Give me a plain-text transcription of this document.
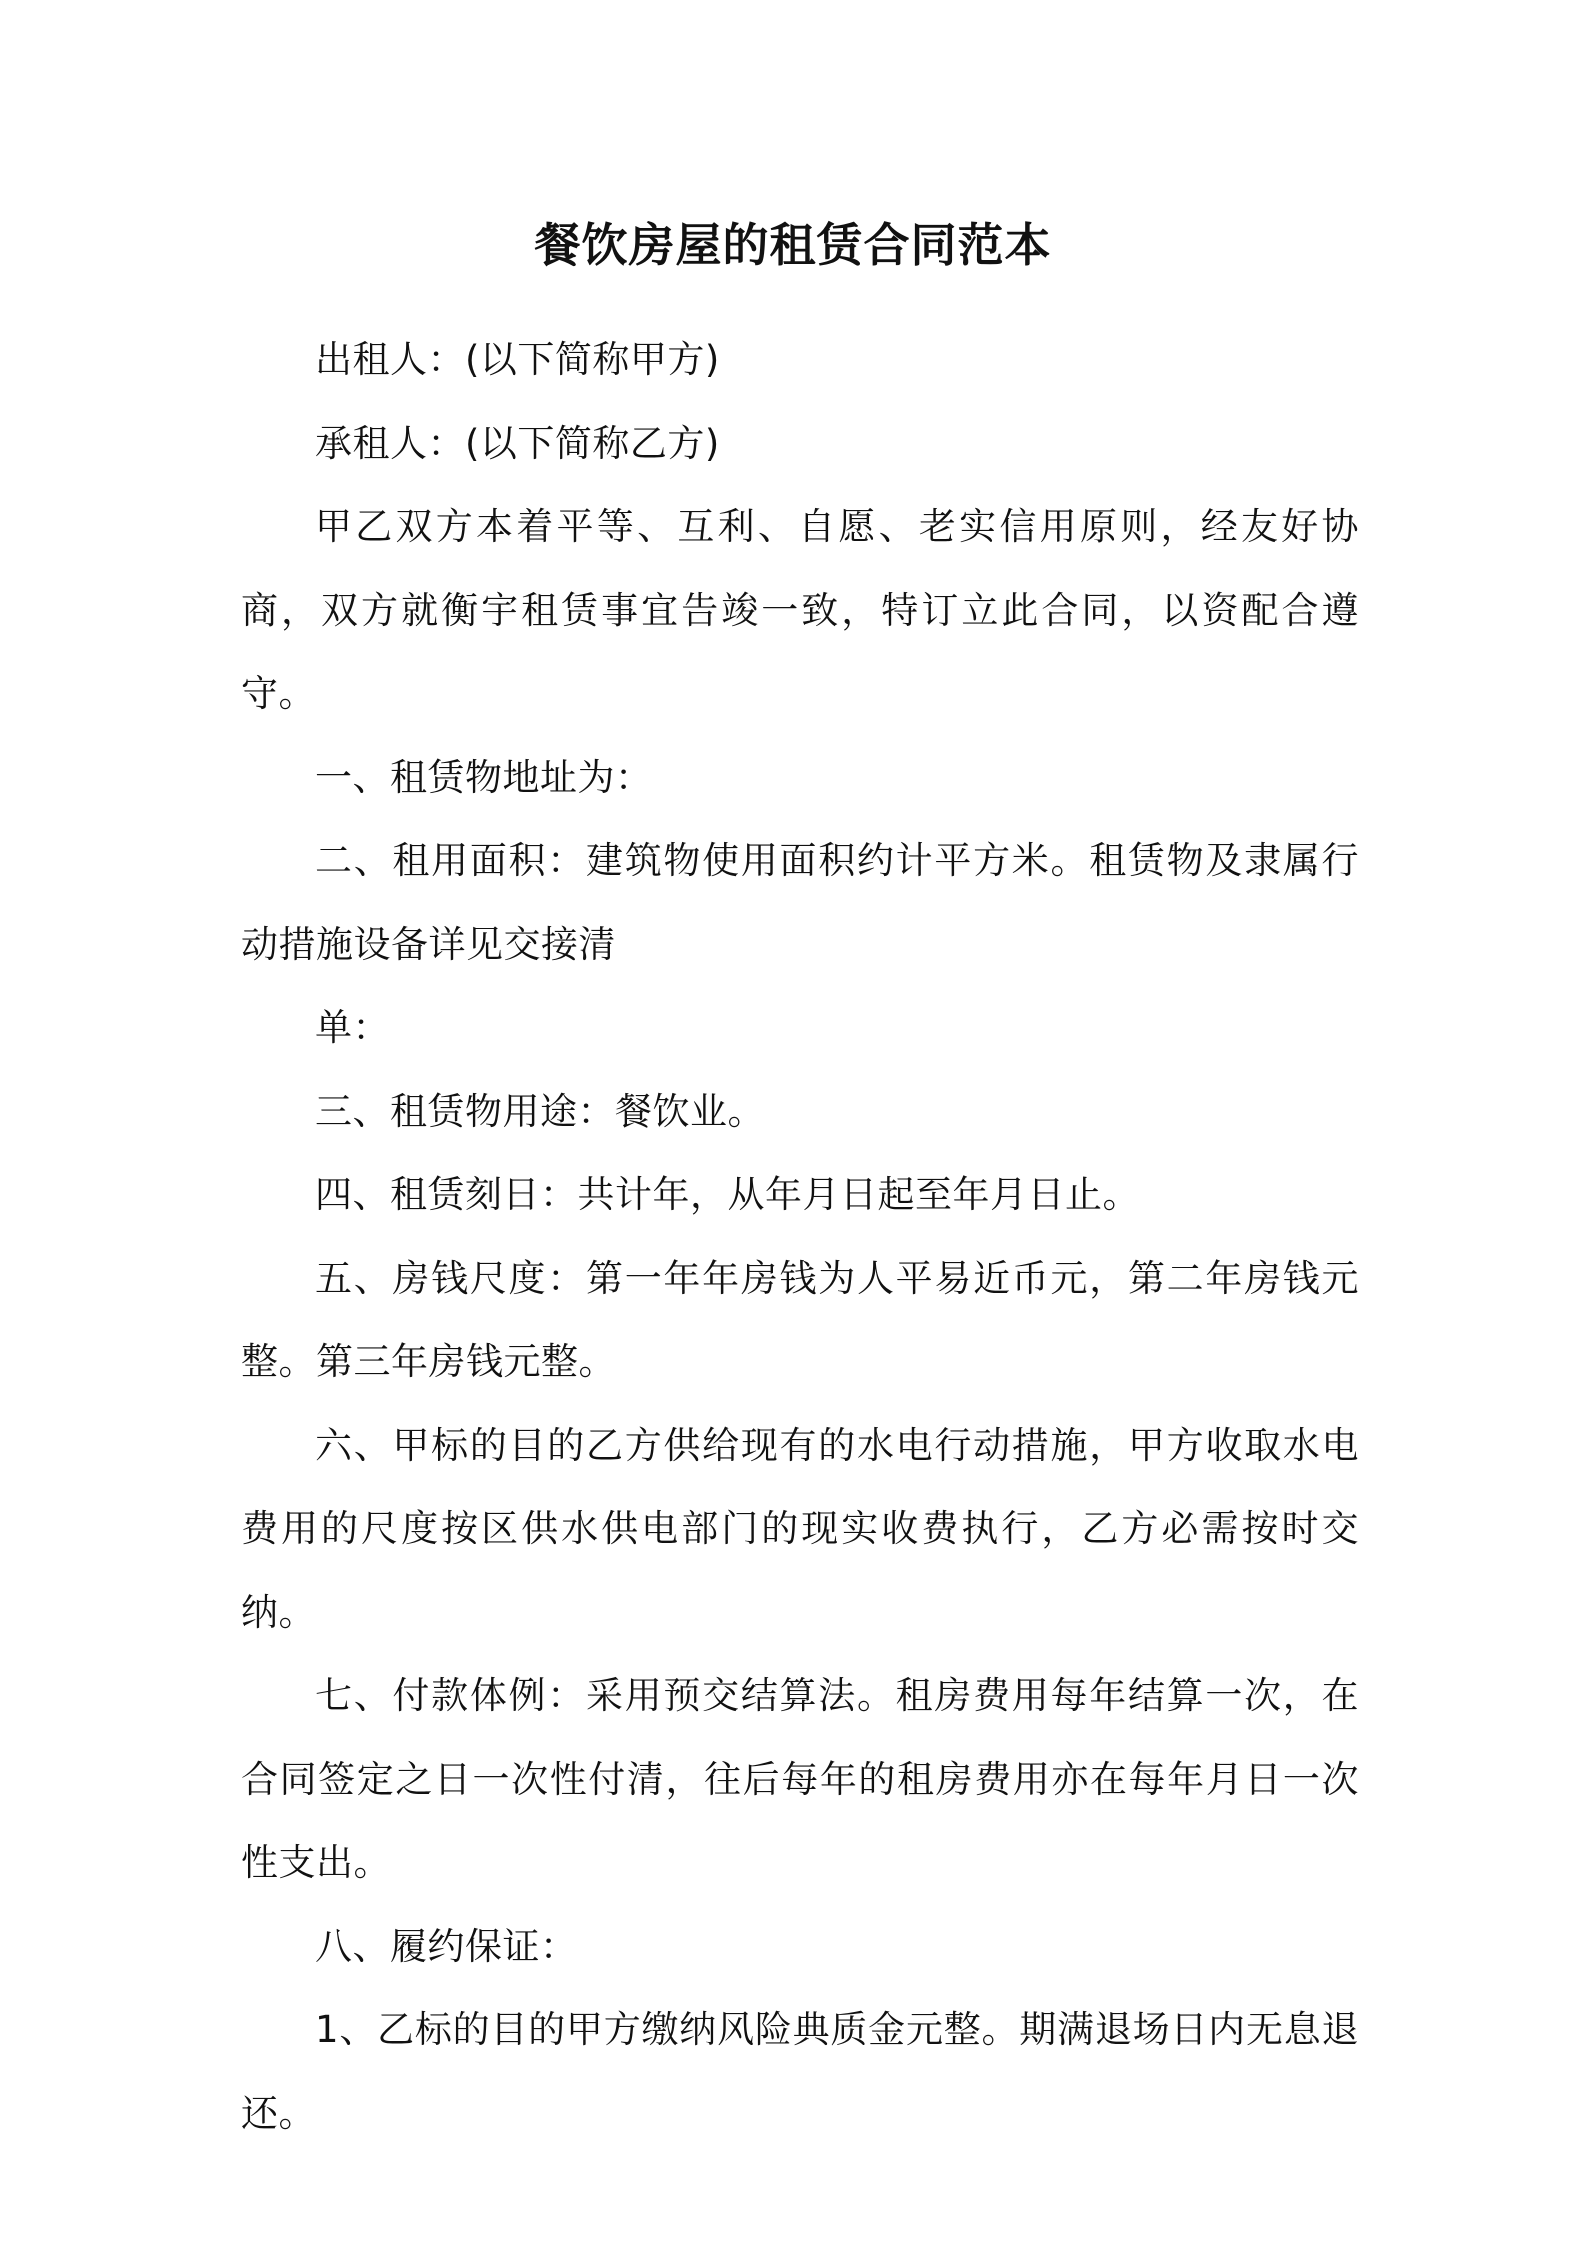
餐饮房屋的租赁合同范本

出租人：(以下简称甲方)

承租人：(以下简称乙方)

甲乙双方本着平等、互利、自愿、老实信用原则，经友好协商，双方就衡宇租赁事宜告竣一致，特订立此合同，以资配合遵守。

一、租赁物地址为：

二、租用面积：建筑物使用面积约计平方米。租赁物及隶属行动措施设备详见交接清

单：

三、租赁物用途：餐饮业。

四、租赁刻日：共计年，从年月日起至年月日止。

五、房钱尺度：第一年年房钱为人平易近币元，第二年房钱元整。第三年房钱元整。

六、甲标的目的乙方供给现有的水电行动措施，甲方收取水电费用的尺度按区供水供电部门的现实收费执行，乙方必需按时交纳。

七、付款体例：采用预交结算法。租房费用每年结算一次，在合同签定之日一次性付清，往后每年的租房费用亦在每年月日一次性支出。

八、履约保证：

1、乙标的目的甲方缴纳风险典质金元整。期满退场日内无息退还。
